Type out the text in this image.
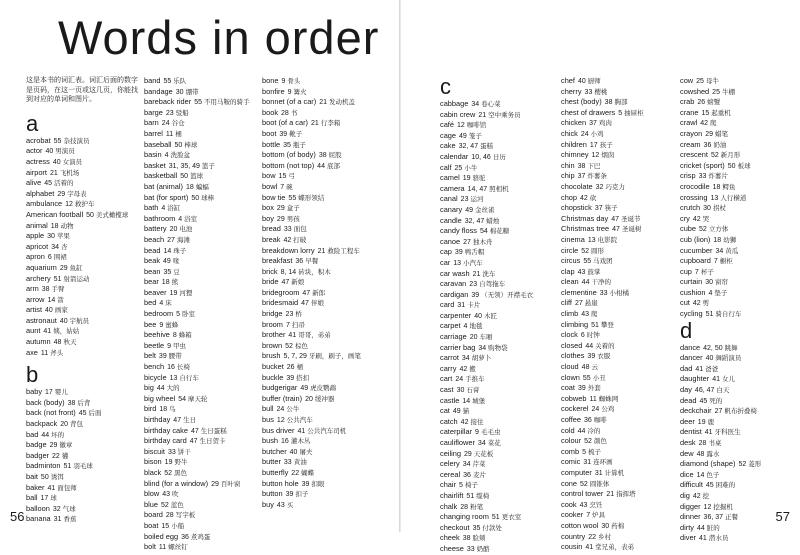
Words in order
这是本书的词汇表。词汇后面的数字是页码，在这一页或这几页，你能找到对应的单词和图片。
a
acrobat 55 杂技演员
actor 40 男演员
actress 40 女演员
airport 21 飞机场
alive 45 活着的
alphabet 29 字母表
ambulance 12 救护车
American football 50 美式橄榄球
animal 18 动物
apple 30 苹果
apricot 34 杏
apron 6 围裙
aquarium 29 鱼缸
archery 51 射箭运动
arm 38 手臂
arrow 14 箭
artist 40 画家
astronaut 40 宇航员
aunt 41 姨，姑姑
autumn 48 秋天
axe 11 斧头
b
baby 17 婴儿
back (body) 38 后背
back (not front) 45 后面
backpack 20 背包
bad 44 坏的
badge 29 徽章
badger 22 獾
badminton 51 羽毛球
bait 50 诱饵
baker 41 面包师
ball 17 球
balloon 32 气球
banana 31 香蕉
band 55 乐队
bandage 30 绷带
bareback rider 55 不用马鞍的骑手
barge 23 驳船
barn 24 谷仓
barrel 11 桶
baseball 50 棒球
basin 4 洗脸盆
basket 31, 35, 49 篮子
basketball 50 篮球
bat (animal) 18 蝙蝠
bat (for sport) 50 球棒
bath 4 浴缸
bathroom 4 浴室
battery 20 电池
beach 27 海滩
bead 14 珠子
beak 49 喙
bean 35 豆
bear 18 熊
beaver 19 河狸
bed 4 床
bedroom 5 卧室
bee 9 蜜蜂
beehive 8 蜂箱
beetle 9 甲虫
belt 39 腰带
bench 16 长椅
bicycle 13 自行车
big 44 大的
big wheel 54 摩天轮
bird 18 鸟
birthday 47 生日
birthday cake 47 生日蛋糕
birthday card 47 生日贺卡
biscuit 33 饼干
bison 19 野牛
black 52 黑色
blind (for a window) 29 百叶窗
blow 43 吹
blue 52 蓝色
board 28 写字板
boat 15 小船
boiled egg 36 煮鸡蛋
bolt 11 螺丝钉
bone 9 骨头
bonfire 9 篝火
bonnet (of a car) 21 发动机盖
book 28 书
boot (of a car) 21 行李箱
boot 39 靴子
bottle 35 瓶子
bottom (of body) 38 屁股
bottom (not top) 44 底部
bow 15 弓
bowl 7 碗
bow tie 55 蝶形领结
box 29 盒子
boy 29 男孩
bread 33 面包
break 42 打破
breakdown lorry 21 救险工程车
breakfast 36 早餐
brick 8, 14 砖块，积木
bride 47 新娘
bridegroom 47 新郎
bridesmaid 47 伴娘
bridge 23 桥
broom 7 扫帚
brother 41 哥哥，弟弟
brown 52 棕色
brush 5, 7, 29 牙刷，刷子，画笔
bucket 26 桶
buckle 39 搭扣
budgerigar 49 虎皮鹦鹉
buffer (train) 20 缓冲器
bull 24 公牛
bus 12 公共汽车
bus driver 41 公共汽车司机
bush 16 灌木丛
butcher 40 屠夫
butter 33 黄油
butterfly 22 蝴蝶
button hole 39 扣眼
button 39 扣子
buy 43 买
c
cabbage 34 卷心菜
cabin crew 21 空中乘务员
café 12 咖啡馆
cage 49 笼子
cake 32, 47 蛋糕
calendar 10, 46 日历
calf 25 小牛
camel 19 骆驼
camera 14, 47 照相机
canal 23 运河
canary 49 金丝雀
candle 32, 47 蜡烛
candy floss 54 棉花糖
canoe 27 独木舟
cap 39 鸭舌帽
car 13 小汽车
car wash 21 洗车
caravan 23 自驾拖车
cardigan 39 （无领）开襟毛衣
card 31 卡片
carpenter 40 木匠
carpet 4 地毯
carriage 20 车厢
carrier bag 34 购物袋
carrot 34 胡萝卜
carry 42 搬
cart 24 手推车
cast 30 石膏
castle 14 城堡
cat 49 猫
catch 42 接住
caterpillar 9 毛毛虫
cauliflower 34 菜花
ceiling 29 天花板
celery 34 芹菜
cereal 36 麦片
chair 5 椅子
chairlift 51 缆椅
chalk 28 粉笔
changing room 51 更衣室
checkout 35 付款处
cheek 38 脸颊
cheese 33 奶酪
chef 40 厨师
cherry 33 樱桃
chest (body) 38 胸部
chest of drawers 5 抽屉柜
chicken 37 鸡肉
chick 24 小鸡
children 17 孩子
chimney 12 烟囱
chin 38 下巴
chip 37 炸薯条
chocolate 32 巧克力
chop 42 砍
chopstick 37 筷子
Christmas day 47 圣诞节
Christmas tree 47 圣诞树
cinema 13 电影院
circle 52 圆形
circus 55 马戏团
clap 43 鼓掌
clean 44 干净的
clementine 33 小柑橘
cliff 27 悬崖
climb 43 爬
climbing 51 攀登
clock 6 时钟
closed 44 关着的
clothes 39 衣服
cloud 48 云
clown 55 小丑
coat 39 外套
cobweb 11 蜘蛛网
cockerel 24 公鸡
coffee 36 咖啡
cold 44 冷的
colour 52 颜色
comb 5 梳子
comic 31 连环画
computer 31 计算机
cone 52 圆锥体
control tower 21 指挥塔
cook 43 烹饪
cooker 7 炉具
cotton wool 30 药棉
country 22 乡村
cousin 41 堂兄弟，表弟
cow 25 母牛
cowshed 25 牛棚
crab 26 螃蟹
crane 15 起重机
crawl 42 爬
crayon 29 蜡笔
cream 36 奶油
crescent 52 新月形
cricket (sport) 50 板球
crisp 33 炸薯片
crocodile 18 鳄鱼
crossing 13 人行横道
crutch 30 拐杖
cry 42 哭
cube 52 立方体
cub (lion) 18 幼狮
cucumber 34 黄瓜
cupboard 7 橱柜
cup 7 杯子
curtain 30 窗帘
cushion 4 垫子
cut 42 剪
cycling 51 骑自行车
d
dance 42, 50 跳舞
dancer 40 舞蹈演员
dad 41 爸爸
daughter 41 女儿
day 46, 47 白天
dead 45 死的
deckchair 27 帆布折叠椅
deer 19 鹿
dentist 41 牙科医生
desk 28 书桌
dew 48 露水
diamond (shape) 52 菱形
dice 14 色子
difficult 45 困难的
dig 42 挖
digger 12 挖掘机
dinner 36, 37 正餐
dirty 44 脏的
diver 41 潜水员
56	57
